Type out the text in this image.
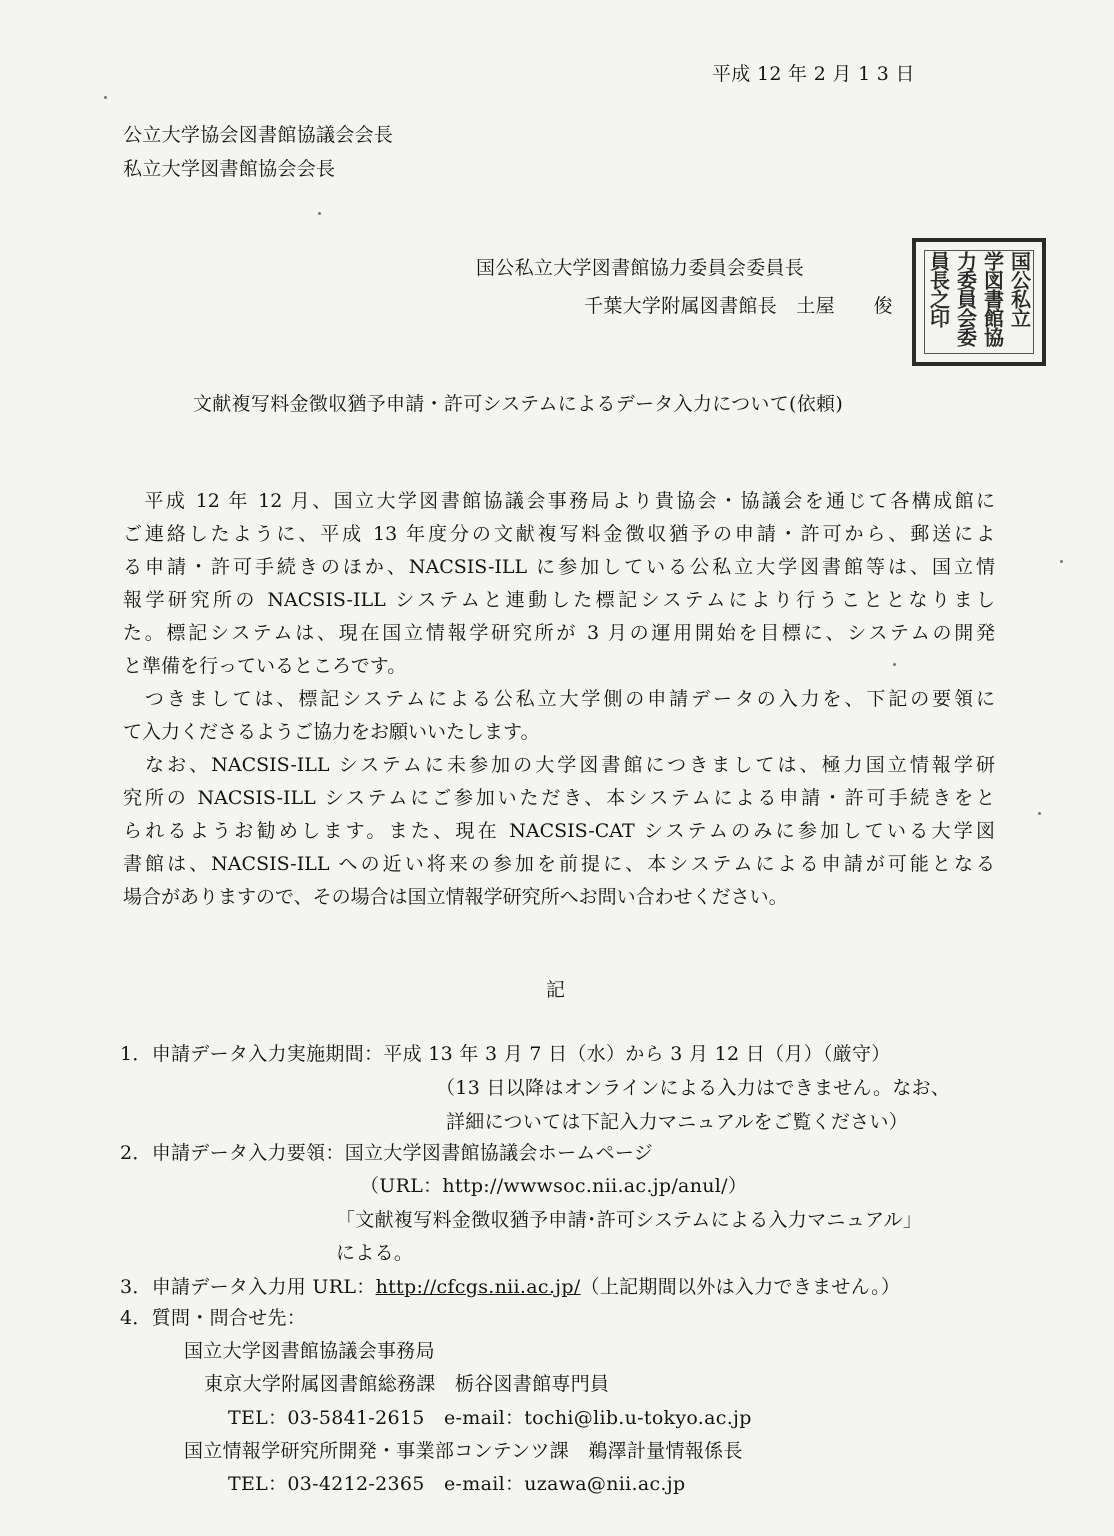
平成 12 年 2 月 1 3 日
公立大学協会図書館協議会会長
私立大学図書館協会会長
国公私立大学図書館協力委員会委員長
千葉大学附属図書館長　土屋　　俊	国公私立
学図書館協
力委員会委
員長之印
文献複写料金徴収猶予申請・許可システムによるデータ入力について(依頼)
　平成 12 年 12 月、国立大学図書館協議会事務局より貴協会・協議会を通じて各構成館に
ご連絡したように、平成 13 年度分の文献複写料金徴収猶予の申請・許可から、郵送によ
る申請・許可手続きのほか、NACSIS-ILL に参加している公私立大学図書館等は、国立情
報学研究所の NACSIS-ILL システムと連動した標記システムにより行うこととなりまし
た。標記システムは、現在国立情報学研究所が 3 月の運用開始を目標に、システムの開発
と準備を行っているところです。
　つきましては、標記システムによる公私立大学側の申請データの入力を、下記の要領に
て入力くださるようご協力をお願いいたします。
　なお、NACSIS-ILL システムに未参加の大学図書館につきましては、極力国立情報学研
究所の NACSIS-ILL システムにご参加いただき、本システムによる申請・許可手続きをと
られるようお勧めします。また、現在 NACSIS-CAT システムのみに参加している大学図
書館は、NACSIS-ILL への近い将来の参加を前提に、本システムによる申請が可能となる
場合がありますので、その場合は国立情報学研究所へお問い合わせください。
記
1．申請データ入力実施期間：平成 13 年 3 月 7 日（水）から 3 月 12 日（月）（厳守）
（13 日以降はオンラインによる入力はできません。なお、
詳細については下記入力マニュアルをご覧ください）
2．申請データ入力要領：国立大学図書館協議会ホームページ
（URL：http://wwwsoc.nii.ac.jp/anul/）
「文献複写料金徴収猶予申請･許可システムによる入力マニュアル」
による。
3．申請データ入力用 URL：http://cfcgs.nii.ac.jp/（上記期間以外は入力できません。）
4．質問・問合せ先：
国立大学図書館協議会事務局
東京大学附属図書館総務課　栃谷図書館専門員
TEL：03-5841-2615　e-mail：tochi@lib.u-tokyo.ac.jp
国立情報学研究所開発・事業部コンテンツ課　鵜澤計量情報係長
TEL：03-4212-2365　e-mail：uzawa@nii.ac.jp
